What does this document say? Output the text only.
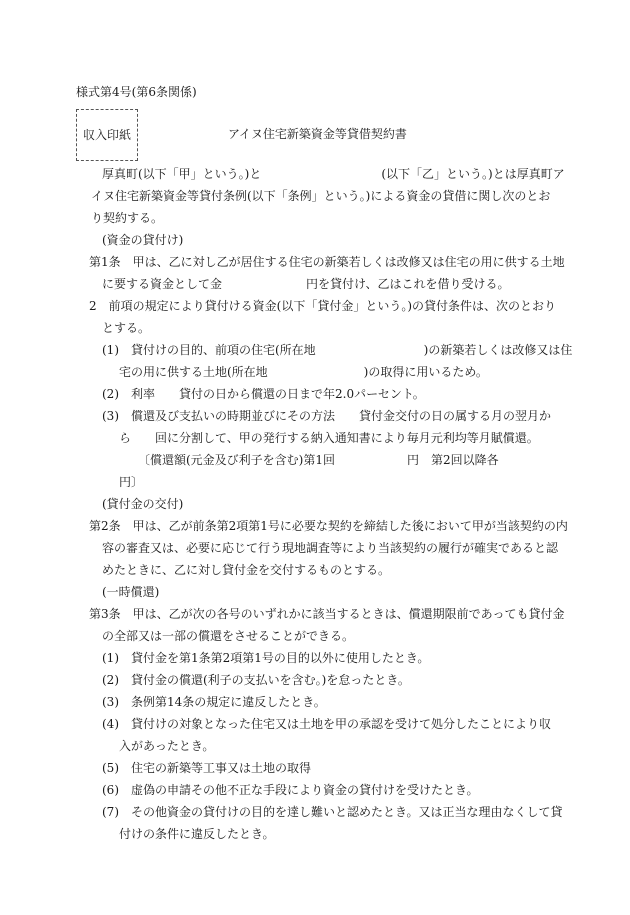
様式第4号(第6条関係)
収入印紙	アイヌ住宅新築資金等貸借契約書
厚真町(以下「甲」という。)と　　　　　　　　　　(以下「乙」という。)とは厚真町ア
イヌ住宅新築資金等貸付条例(以下「条例」という。)による資金の貸借に関し次のとお
り契約する。
(資金の貸付け)
第1条　甲は、乙に対し乙が居住する住宅の新築若しくは改修又は住宅の用に供する土地
に要する資金として金　　　　　　　円を貸付け、乙はこれを借り受ける。
2　前項の規定により貸付ける資金(以下「貸付金」という。)の貸付条件は、次のとおり
とする。
(1)　貸付けの目的、前項の住宅(所在地　　　　　　　　　)の新築若しくは改修又は住
宅の用に供する土地(所在地　　　　　　　　)の取得に用いるため。
(2)　利率　　貸付の日から償還の日まで年2.0パーセント。
(3)　償還及び支払いの時期並びにその方法　　貸付金交付の日の属する月の翌月か
ら　　回に分割して、甲の発行する納入通知書により毎月元利均等月賦償還。
〔償還額(元金及び利子を含む)第1回　　　　　　円　第2回以降各
円〕
(貸付金の交付)
第2条　甲は、乙が前条第2項第1号に必要な契約を締結した後において甲が当該契約の内
容の審査又は、必要に応じて行う現地調査等により当該契約の履行が確実であると認
めたときに、乙に対し貸付金を交付するものとする。
(一時償還)
第3条　甲は、乙が次の各号のいずれかに該当するときは、償還期限前であっても貸付金
の全部又は一部の償還をさせることができる。
(1)　貸付金を第1条第2項第1号の目的以外に使用したとき。
(2)　貸付金の償還(利子の支払いを含む。)を怠ったとき。
(3)　条例第14条の規定に違反したとき。
(4)　貸付けの対象となった住宅又は土地を甲の承認を受けて処分したことにより収
入があったとき。
(5)　住宅の新築等工事又は土地の取得
(6)　虚偽の申請その他不正な手段により資金の貸付けを受けたとき。
(7)　その他資金の貸付けの目的を達し難いと認めたとき。又は正当な理由なくして貸
付けの条件に違反したとき。
